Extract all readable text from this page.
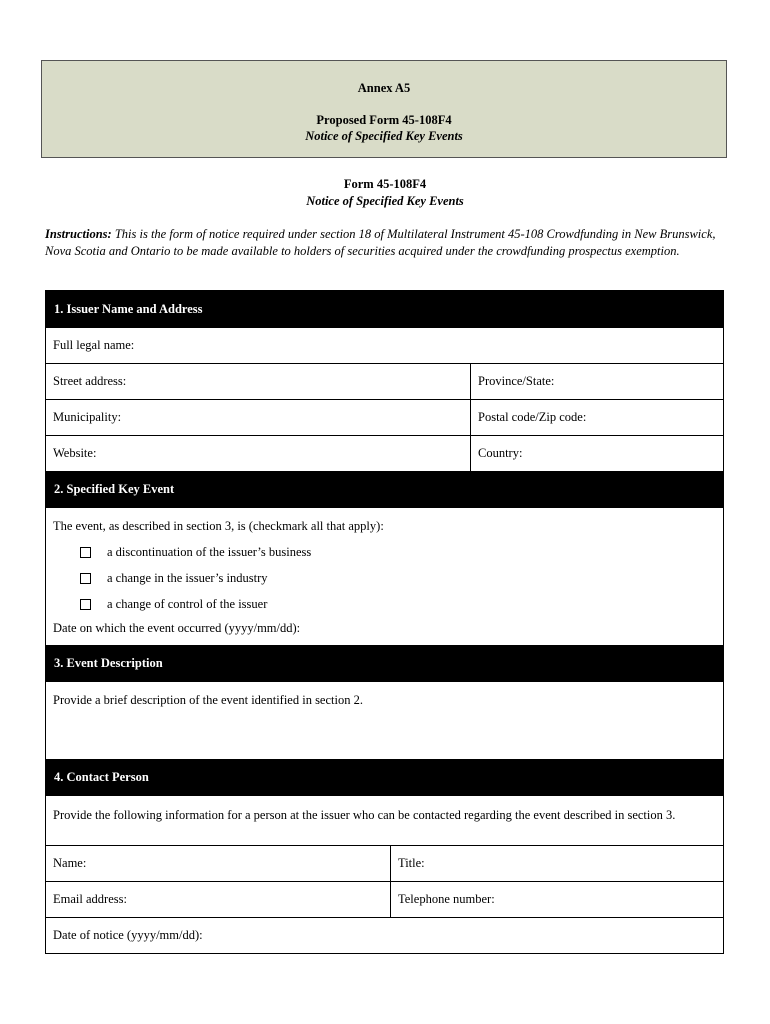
Annex A5
Proposed Form 45-108F4
Notice of Specified Key Events
Form 45-108F4
Notice of Specified Key Events
Instructions: This is the form of notice required under section 18 of Multilateral Instrument 45-108 Crowdfunding in New Brunswick, Nova Scotia and Ontario to be made available to holders of securities acquired under the crowdfunding prospectus exemption.
1. Issuer Name and Address
Full legal name:
Street address:	Province/State:
Municipality:	Postal code/Zip code:
Website:	Country:
2. Specified Key Event
The event, as described in section 3, is (checkmark all that apply):
a discontinuation of the issuer’s business
a change in the issuer’s industry
a change of control of the issuer
Date on which the event occurred (yyyy/mm/dd):
3. Event Description
Provide a brief description of the event identified in section 2.
4. Contact Person
Provide the following information for a person at the issuer who can be contacted regarding the event described in section 3.
Name:	Title:
Email address:	Telephone number:
Date of notice (yyyy/mm/dd):
